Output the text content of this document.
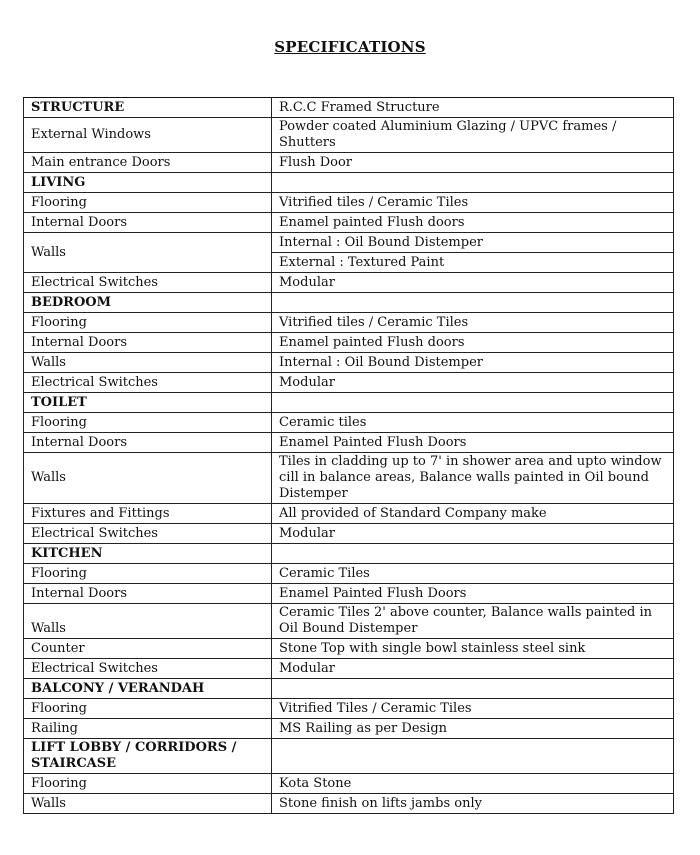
SPECIFICATIONS
STRUCTURE	R.C.C Framed Structure
External Windows	Powder coated Aluminium Glazing / UPVC frames / Shutters
Main entrance Doors	Flush Door
LIVING	
Flooring	Vitrified tiles / Ceramic Tiles
Internal Doors	Enamel painted Flush doors
Walls	Internal : Oil Bound Distemper
	External : Textured Paint
Electrical Switches	Modular
BEDROOM	
Flooring	Vitrified tiles / Ceramic Tiles
Internal Doors	Enamel painted Flush doors
Walls	Internal : Oil Bound Distemper
Electrical Switches	Modular
TOILET	
Flooring	Ceramic tiles
Internal Doors	Enamel Painted Flush Doors
Walls	Tiles in cladding up to 7' in shower area and upto window cill in balance areas, Balance walls painted in Oil bound Distemper
Fixtures and Fittings	All provided of Standard Company make
Electrical Switches	Modular
KITCHEN	
Flooring	Ceramic Tiles
Internal Doors	Enamel Painted Flush Doors
Walls	Ceramic Tiles 2' above counter, Balance walls painted in Oil Bound Distemper
Counter	Stone Top with single bowl stainless steel sink
Electrical Switches	Modular
BALCONY / VERANDAH	
Flooring	Vitrified Tiles / Ceramic Tiles
Railing	MS Railing as per Design
LIFT LOBBY / CORRIDORS / STAIRCASE	
Flooring	Kota Stone
Walls	Stone finish on lifts jambs only
